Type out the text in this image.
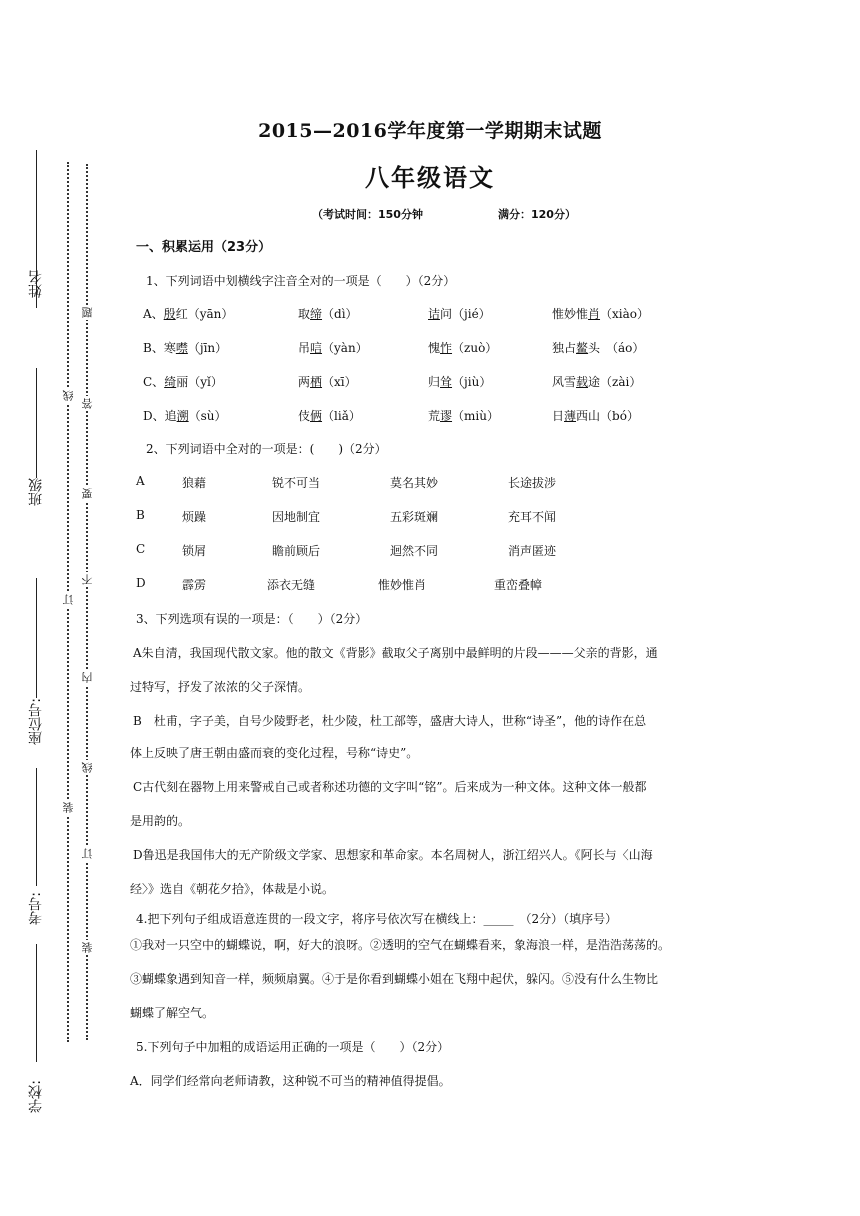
姓名
班级
座位号:
考号:
学校:
题
答
线
要
不
订
内
线
装
订
装
2015—2016学年度第一学期期末试题
八年级语文
（考试时间：150分钟	满分：120分）
一、积累运用（23分）
1、下列词语中划横线字注音全对的一项是（　　）（2分）
A、殷红（yān）	取缔（dì）	诘问（jié）	惟妙惟肖（xiào）
B、寒噤（jīn）	吊唁（yàn）	愧怍（zuò）	独占鳌头　（áo）
C、绮丽（yǐ）	两栖（xī）	归耸（jiù）	风雪载途（zài）
D、追溯（sù）	伎俩（liǎ）	荒谬（miù）	日薄西山（bó）
2、下列词语中全对的一项是：(　　)（2分）
A	狼藉	锐不可当	莫名其妙	长途拔涉
B	烦躁	因地制宜	五彩斑斓	充耳不闻
C	锁屑	瞻前顾后	迴然不同	消声匿迹
D	霹雳	添衣无缝	惟妙惟肖	重峦叠幛
3、下列选项有误的一项是：（　　）（2分）
A朱自清，我国现代散文家。他的散文《背影》截取父子离别中最鲜明的片段———父亲的背影，通
过特写，抒发了浓浓的父子深情。
B　杜甫，字子美，自号少陵野老，杜少陵，杜工部等，盛唐大诗人，世称“诗圣”，他的诗作在总
体上反映了唐王朝由盛而衰的变化过程，号称“诗史”。
C古代刻在器物上用来警戒自己或者称述功德的文字叫“铭”。后来成为一种文体。这种文体一般都
是用韵的。
D鲁迅是我国伟大的无产阶级文学家、思想家和革命家。本名周树人，浙江绍兴人。《阿长与〈山海
经〉》选自《朝花夕拾》，体裁是小说。
4.把下列句子组成语意连贯的一段文字，将序号依次写在横线上：_____　（2分）（填序号）
①我对一只空中的蝴蝶说，啊，好大的浪呀。②透明的空气在蝴蝶看来，象海浪一样，是浩浩荡荡的。
③蝴蝶象遇到知音一样，频频扇翼。④于是你看到蝴蝶小姐在飞翔中起伏，躲闪。⑤没有什么生物比
蝴蝶了解空气。
5.下列句子中加粗的成语运用正确的一项是（　　）（2分）
A．同学们经常向老师请教，这种锐不可当的精神值得提倡。
